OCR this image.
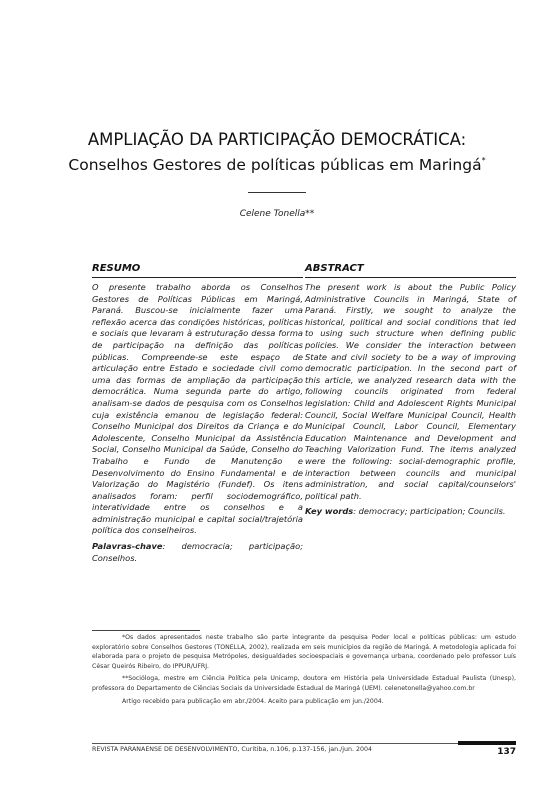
AMPLIAÇÃO DA PARTICIPAÇÃO DEMOCRÁTICA:
Conselhos Gestores de políticas públicas em Maringá*
Celene Tonella**
RESUMO

O presente trabalho aborda os Conselhos Gestores de Políticas Públicas em Maringá, Paraná. Buscou-se inicialmente fazer uma reflexão acerca das condições históricas, políticas e sociais que levaram à estruturação dessa forma de participação na definição das políticas públicas. Compreende-se este espaço de articulação entre Estado e sociedade civil como uma das formas de ampliação da participação democrática. Numa segunda parte do artigo, analisam-se dados de pesquisa com os Conselhos cuja existência emanou de legislação federal: Conselho Municipal dos Direitos da Criança e do Adolescente, Conselho Municipal da Assistência Social, Conselho Municipal da Saúde, Conselho do Trabalho e Fundo de Manutenção e Desenvolvimento do Ensino Fundamental e de Valorização do Magistério (Fundef). Os itens analisados foram: perfil sociodemográfico, interatividade entre os conselhos e a administração municipal e capital social/trajetória política dos conselheiros.

Palavras-chave: democracia; participação; Conselhos.
ABSTRACT

The present work is about the Public Policy Administrative Councils in Maringá, State of Paraná. Firstly, we sought to analyze the historical, political and social conditions that led to using such structure when defining public policies. We consider the interaction between State and civil society to be a way of improving democratic participation. In the second part of this article, we analyzed research data with the following councils originated from federal legislation: Child and Adolescent Rights Municipal Council, Social Welfare Municipal Council, Health Municipal Council, Labor Council, Elementary Education Maintenance and Development and Teaching Valorization Fund. The items analyzed were the following: social-demographic profile, interaction between councils and municipal administration, and social capital/counselors' political path.

Key words: democracy; participation; Councils.

*Os dados apresentados neste trabalho são parte integrante da pesquisa Poder local e políticas públicas: um estudo exploratório sobre Conselhos Gestores (TONELLA, 2002), realizada em seis municípios da região de Maringá. A metodologia aplicada foi elaborada para o projeto de pesquisa Metrópoles, desigualdades socioespaciais e governança urbana, coordenado pelo professor Luís César Queirós Ribeiro, do IPPUR/UFRJ.

**Socióloga, mestre em Ciência Política pela Unicamp, doutora em História pela Universidade Estadual Paulista (Unesp), professora do Departamento de Ciências Sociais da Universidade Estadual de Maringá (UEM). celenetonella@yahoo.com.br

Artigo recebido para publicação em abr./2004. Aceito para publicação em jun./2004.

REVISTA PARANAENSE DE DESENVOLVIMENTO, Curitiba, n.106, p.137-156, jan./jun. 2004	137
